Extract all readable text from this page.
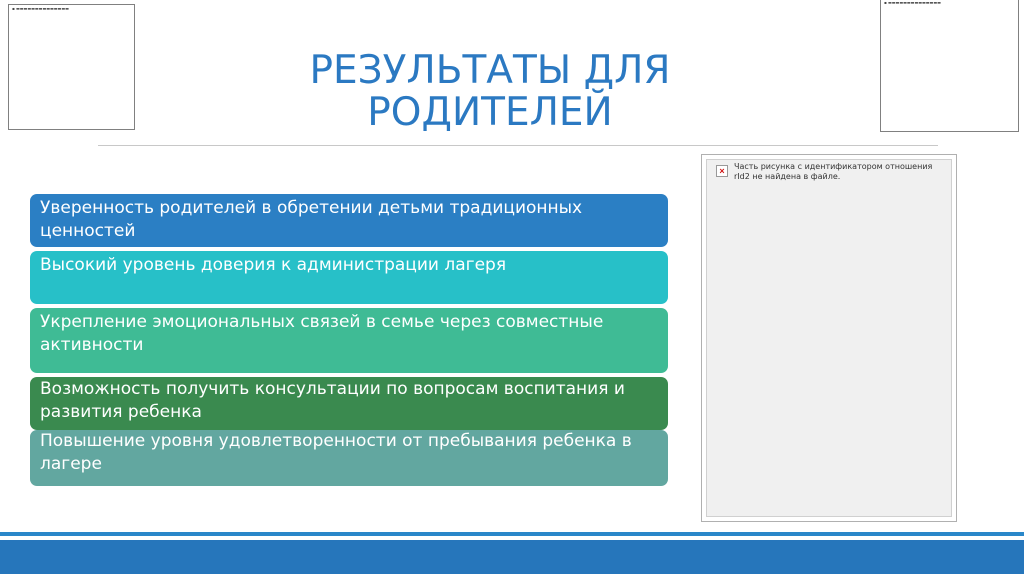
▪ ▬▬▬▬▬▬▬▬▬▬▬▬▬▬
▪ ▬▬▬▬▬▬▬▬▬▬▬▬▬▬
РЕЗУЛЬТАТЫ ДЛЯ
РОДИТЕЛЕЙ
Уверенность родителей в обретении детьми традиционных ценностей
Высокий уровень доверия к администрации лагеря
Укрепление эмоциональных связей в семье через совместные активности
Возможность получить консультации по вопросам воспитания и развития ребенка
Повышение уровня удовлетворенности от пребывания ребенка в лагере
×	Часть рисунка с идентификатором отношения rId2 не найдена в файле.
